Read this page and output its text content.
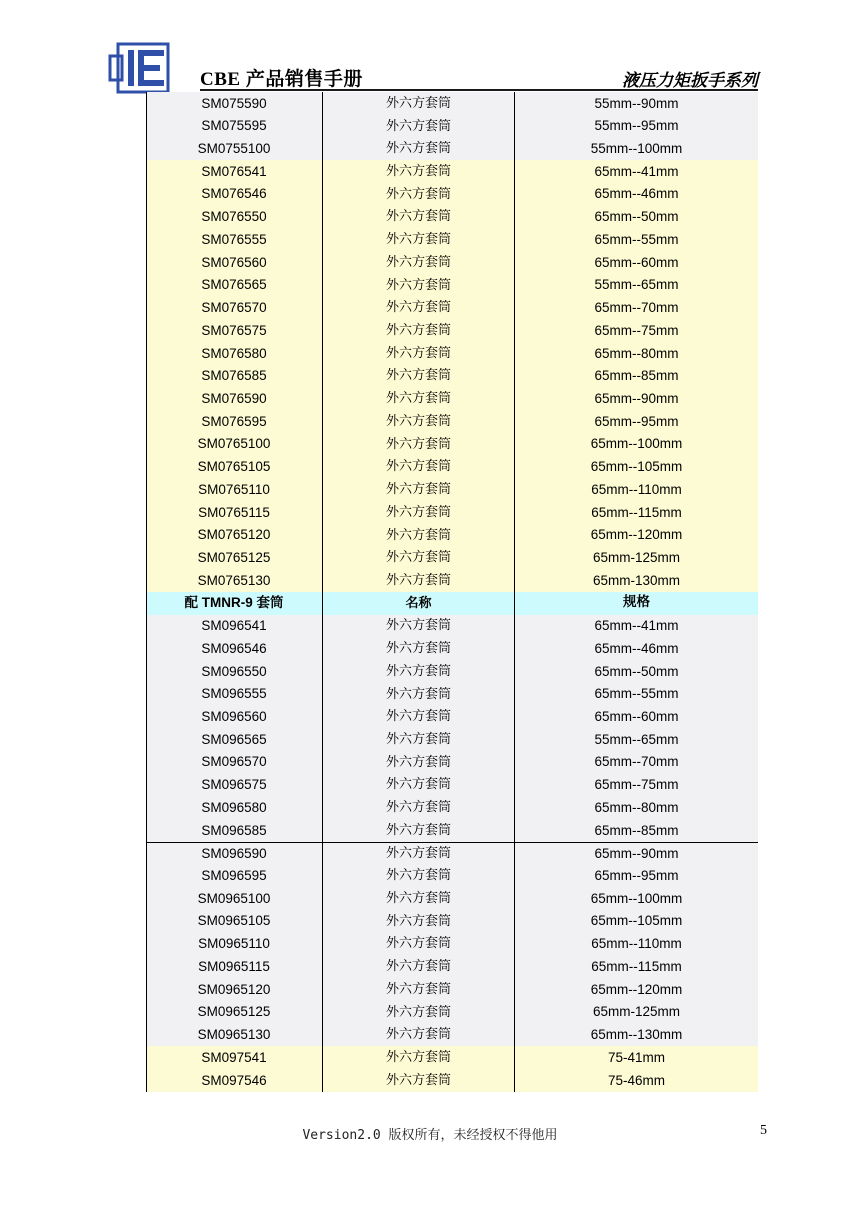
CBE 产品销售手册	液压力矩扳手系列
SM075590	外六方套筒	55mm--90mm
SM075595	外六方套筒	55mm--95mm
SM0755100	外六方套筒	55mm--100mm
SM076541	外六方套筒	65mm--41mm
SM076546	外六方套筒	65mm--46mm
SM076550	外六方套筒	65mm--50mm
SM076555	外六方套筒	65mm--55mm
SM076560	外六方套筒	65mm--60mm
SM076565	外六方套筒	55mm--65mm
SM076570	外六方套筒	65mm--70mm
SM076575	外六方套筒	65mm--75mm
SM076580	外六方套筒	65mm--80mm
SM076585	外六方套筒	65mm--85mm
SM076590	外六方套筒	65mm--90mm
SM076595	外六方套筒	65mm--95mm
SM0765100	外六方套筒	65mm--100mm
SM0765105	外六方套筒	65mm--105mm
SM0765110	外六方套筒	65mm--110mm
SM0765115	外六方套筒	65mm--115mm
SM0765120	外六方套筒	65mm--120mm
SM0765125	外六方套筒	65mm-125mm
SM0765130	外六方套筒	65mm-130mm
配 TMNR-9 套筒	名称	规格
SM096541	外六方套筒	65mm--41mm
SM096546	外六方套筒	65mm--46mm
SM096550	外六方套筒	65mm--50mm
SM096555	外六方套筒	65mm--55mm
SM096560	外六方套筒	65mm--60mm
SM096565	外六方套筒	55mm--65mm
SM096570	外六方套筒	65mm--70mm
SM096575	外六方套筒	65mm--75mm
SM096580	外六方套筒	65mm--80mm
SM096585	外六方套筒	65mm--85mm
SM096590	外六方套筒	65mm--90mm
SM096595	外六方套筒	65mm--95mm
SM0965100	外六方套筒	65mm--100mm
SM0965105	外六方套筒	65mm--105mm
SM0965110	外六方套筒	65mm--110mm
SM0965115	外六方套筒	65mm--115mm
SM0965120	外六方套筒	65mm--120mm
SM0965125	外六方套筒	65mm-125mm
SM0965130	外六方套筒	65mm--130mm
SM097541	外六方套筒	75-41mm
SM097546	外六方套筒	75-46mm
Version2.0 版权所有，未经授权不得他用	5
